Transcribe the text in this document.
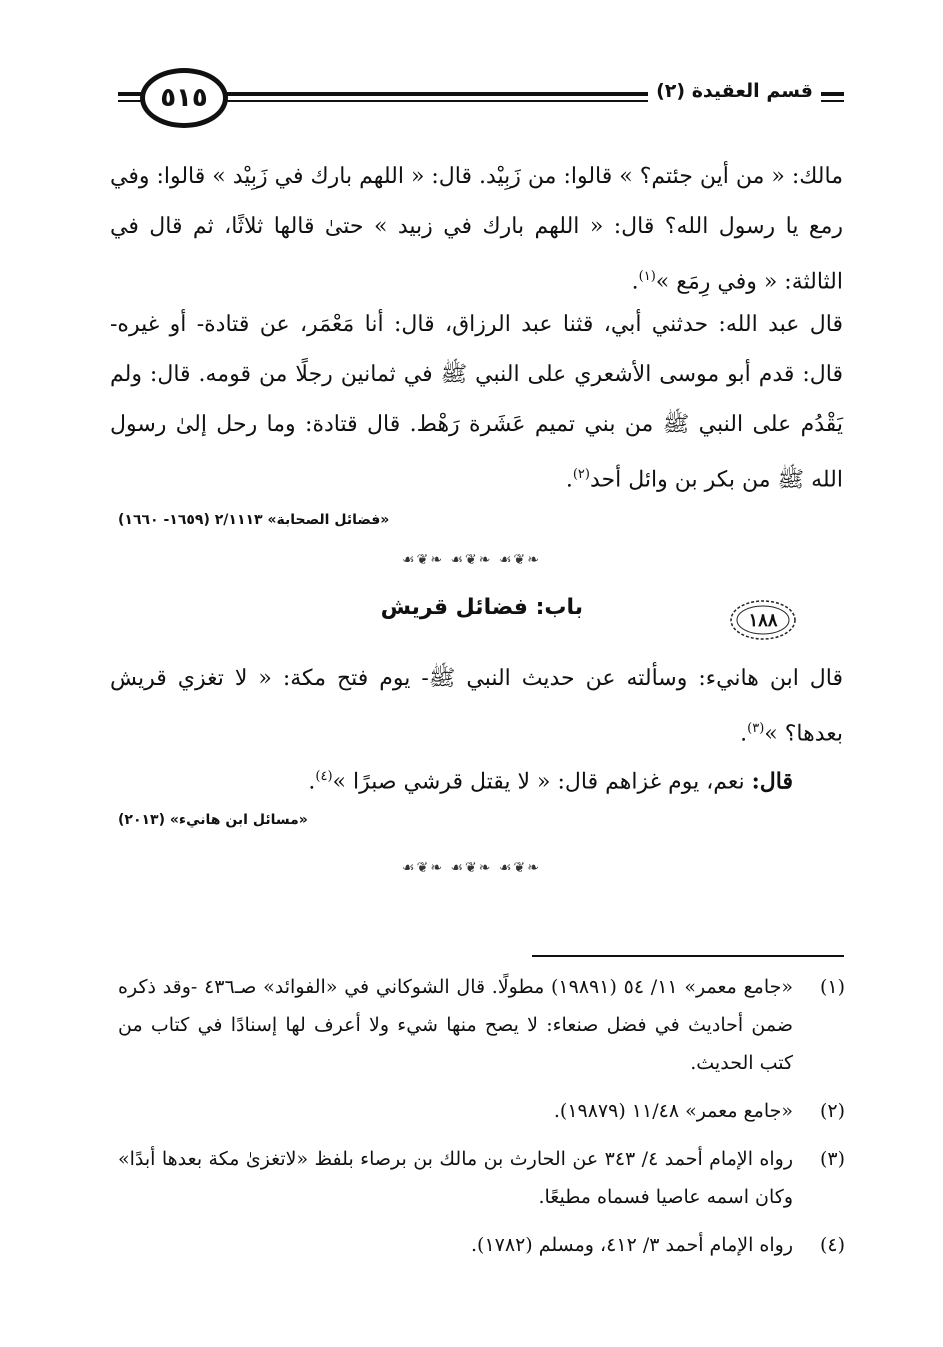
٥١٥	قسم العقيدة (٢)
مالك: « من أين جئتم؟ » قالوا: من زَبِيْد. قال: « اللهم بارك في زَبِيْد » قالوا: وفي رمع يا رسول الله؟ قال: « اللهم بارك في زبيد » حتىٰ قالها ثلاثًا، ثم قال في الثالثة: « وفي رِمَع »$^{(١)}$.
قال عبد الله: حدثني أبي، قثنا عبد الرزاق، قال: أنا مَعْمَر، عن قتادة- أو غيره- قال: قدم أبو موسى الأشعري على النبي ﷺ في ثمانين رجلًا من قومه. قال: ولم يَقْدُم على النبي ﷺ من بني تميم عَشَرة رَهْط. قال قتادة: وما رحل إلىٰ رسول الله ﷺ من بكر بن وائل أحد$^{(٢)}$.
«فضائل الصحابة» ٢/١١١٣ (١٦٥٩- ١٦٦٠)
☙❦❧ ☙❦❧ ☙❦❧
١٨٨
باب: فضائل قريش
قال ابن هانيء: وسألته عن حديث النبي ﷺ- يوم فتح مكة: « لا تغزي قريش بعدها؟ »$^{(٣)}$.
قال: نعم، يوم غزاهم قال: « لا يقتل قرشي صبرًا »$^{(٤)}$.
«مسائل ابن هانيء» (٢٠١٣)
☙❦❧ ☙❦❧ ☙❦❧
(١)
«جامع معمر» ١١/ ٥٤ (١٩٨٩١) مطولًا. قال الشوكاني في «الفوائد» صـ٤٣٦ -وقد ذكره ضمن أحاديث في فضل صنعاء: لا يصح منها شيء ولا أعرف لها إسنادًا في كتاب من كتب الحديث.
(٢)
«جامع معمر» ١١/٤٨ (١٩٨٧٩).
(٣)
رواه الإمام أحمد ٤/ ٣٤٣ عن الحارث بن مالك بن برصاء بلفظ «لاتغزىٰ مكة بعدها أبدًا» وكان اسمه عاصيا فسماه مطيعًا.
(٤)
رواه الإمام أحمد ٣/ ٤١٢، ومسلم (١٧٨٢).
